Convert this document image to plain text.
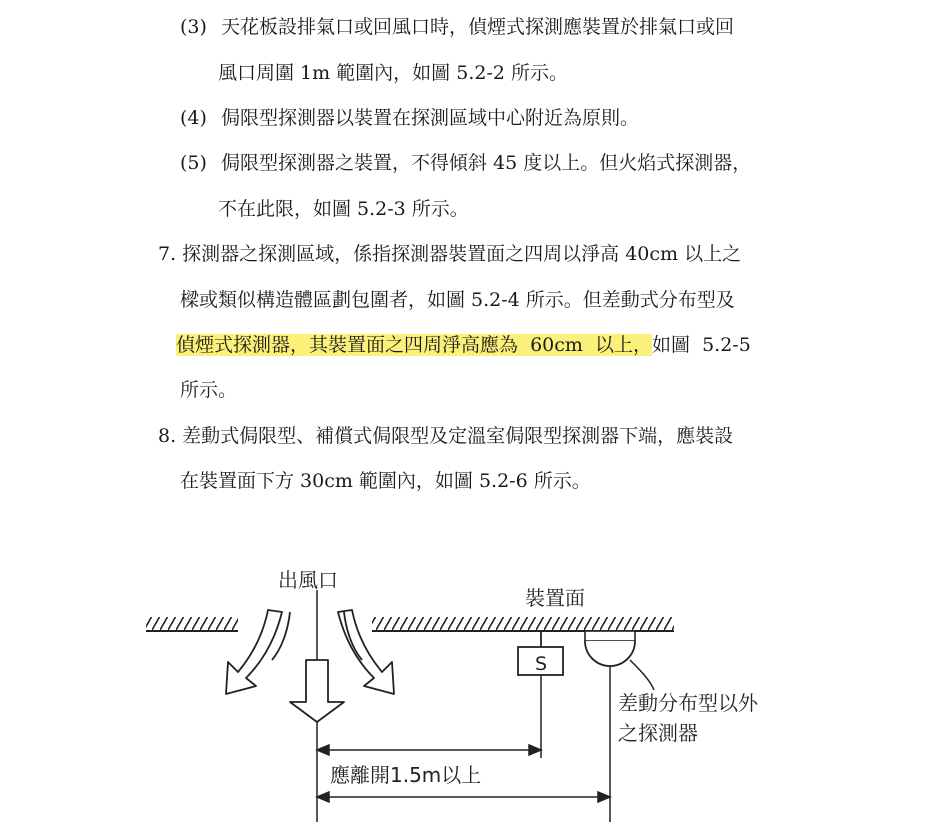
(3) 天花板設排氣口或回風口時，偵煙式探測應裝置於排氣口或回
風口周圍 1m 範圍內，如圖 5.2-2 所示。
(4) 侷限型探測器以裝置在探測區域中心附近為原則。
(5) 侷限型探測器之裝置，不得傾斜 45 度以上。但火焰式探測器，
不在此限，如圖 5.2-3 所示。
7. 探測器之探測區域，係指探測器裝置面之四周以淨高 40cm 以上之
樑或類似構造體區劃包圍者，如圖 5.2-4 所示。但差動式分布型及
偵煙式探測器，其裝置面之四周淨高應為  60cm  以上，如圖  5.2-5
所示。
8. 差動式侷限型、補償式侷限型及定溫室侷限型探測器下端，應裝設
在裝置面下方 30cm 範圍內，如圖 5.2-6 所示。
S
出風口
裝置面
差動分布型以外
之探測器
應離開1.5m以上
